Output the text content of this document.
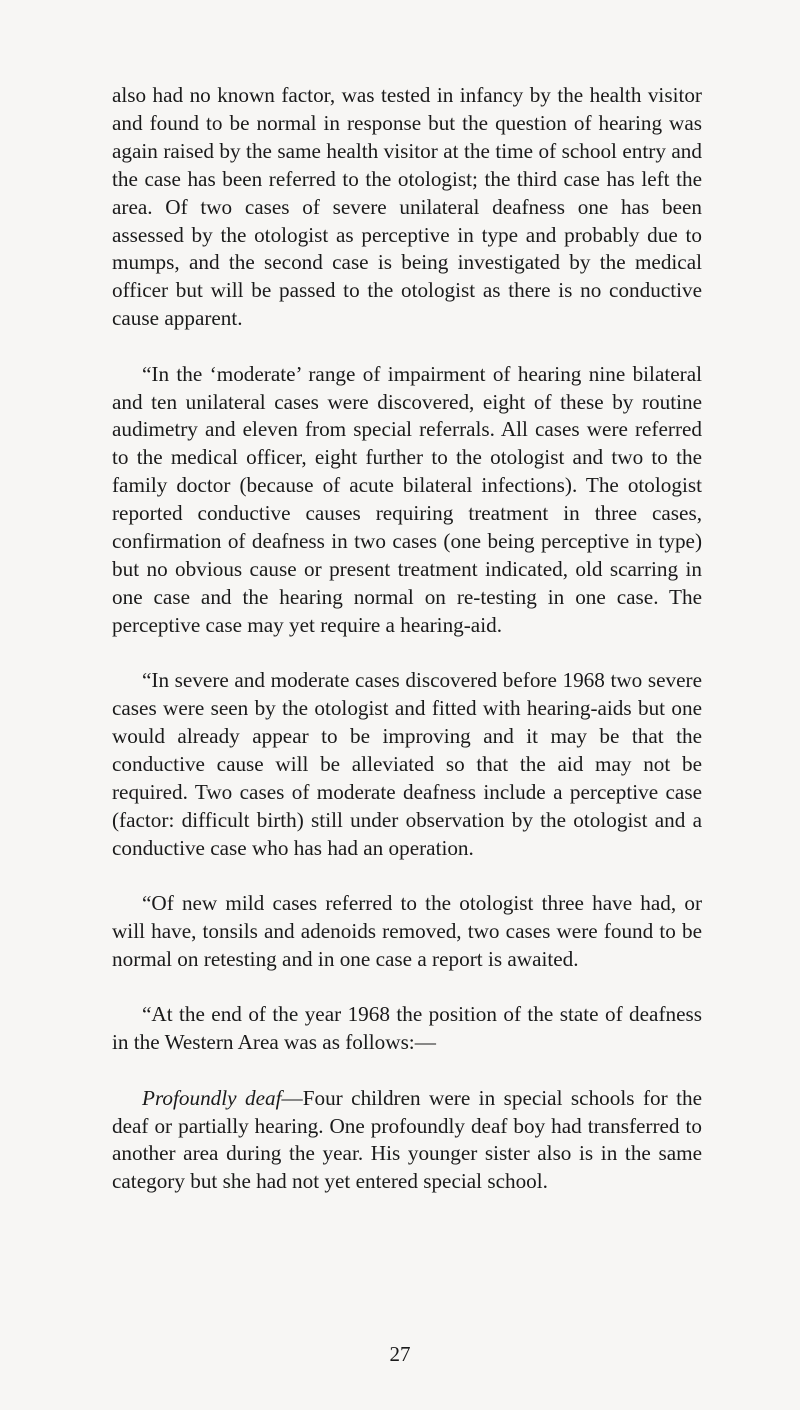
also had no known factor, was tested in infancy by the health visitor and found to be normal in response but the question of hearing was again raised by the same health visitor at the time of school entry and the case has been referred to the otologist; the third case has left the area. Of two cases of severe unilateral deafness one has been assessed by the otologist as perceptive in type and probably due to mumps, and the second case is being investigated by the medical officer but will be passed to the otologist as there is no conductive cause apparent.

“In the ‘moderate’ range of impairment of hearing nine bilateral and ten unilateral cases were discovered, eight of these by routine audimetry and eleven from special referrals. All cases were referred to the medical officer, eight further to the otologist and two to the family doctor (because of acute bilateral infections). The otologist reported conductive causes requiring treatment in three cases, confirmation of deafness in two cases (one being perceptive in type) but no obvious cause or present treatment indicated, old scarring in one case and the hearing normal on re-testing in one case. The perceptive case may yet require a hearing-aid.

“In severe and moderate cases discovered before 1968 two severe cases were seen by the otologist and fitted with hearing-aids but one would already appear to be improving and it may be that the conductive cause will be alleviated so that the aid may not be required. Two cases of moderate deafness include a perceptive case (factor: difficult birth) still under observation by the otologist and a conductive case who has had an operation.

“Of new mild cases referred to the otologist three have had, or will have, tonsils and adenoids removed, two cases were found to be normal on retesting and in one case a report is awaited.

“At the end of the year 1968 the position of the state of deafness in the Western Area was as follows:—

Profoundly deaf—Four children were in special schools for the deaf or partially hearing. One profoundly deaf boy had transferred to another area during the year. His younger sister also is in the same category but she had not yet entered special school.

27
